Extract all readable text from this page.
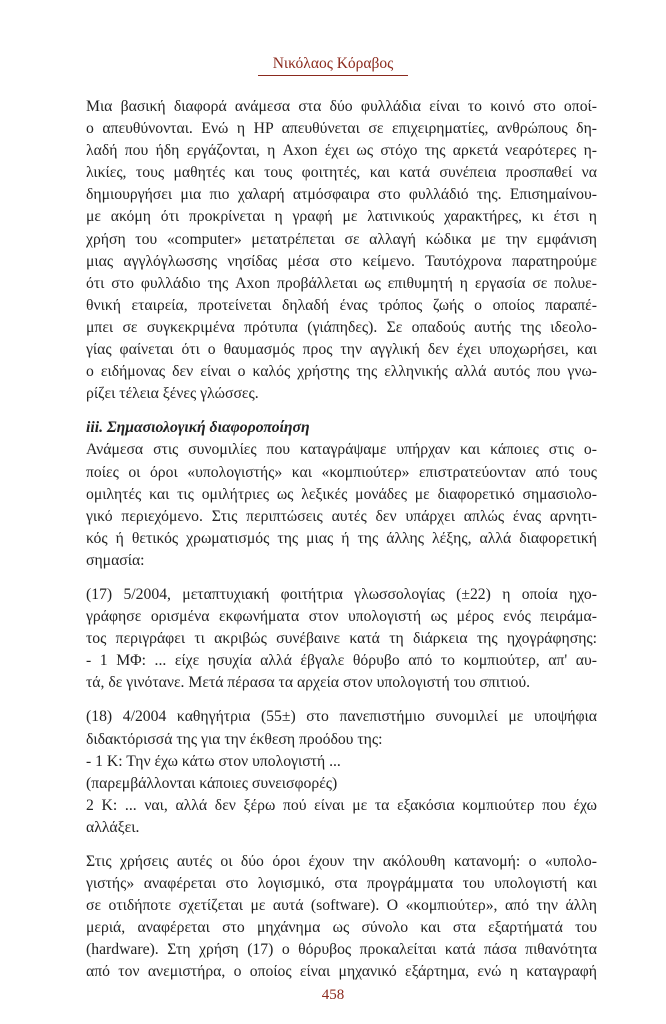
Νικόλαος Κόραβος
Μια βασική διαφορά ανάμεσα στα δύο φυλλάδια είναι το κοινό στο οποί-
ο απευθύνονται. Ενώ η HP απευθύνεται σε επιχειρηματίες, ανθρώπους δη-
λαδή που ήδη εργάζονται, η Axon έχει ως στόχο της αρκετά νεαρότερες η-
λικίες, τους μαθητές και τους φοιτητές, και κατά συνέπεια προσπαθεί να
δημιουργήσει μια πιο χαλαρή ατμόσφαιρα στο φυλλάδιό της. Επισημαίνου-
με ακόμη ότι προκρίνεται η γραφή με λατινικούς χαρακτήρες, κι έτσι η
χρήση του «computer» μετατρέπεται σε αλλαγή κώδικα με την εμφάνιση
μιας αγγλόγλωσσης νησίδας μέσα στο κείμενο. Ταυτόχρονα παρατηρούμε
ότι στο φυλλάδιο της Axon προβάλλεται ως επιθυμητή η εργασία σε πολυε-
θνική εταιρεία, προτείνεται δηλαδή ένας τρόπος ζωής ο οποίος παραπέ-
μπει σε συγκεκριμένα πρότυπα (γιάπηδες). Σε οπαδούς αυτής της ιδεολο-
γίας φαίνεται ότι ο θαυμασμός προς την αγγλική δεν έχει υποχωρήσει, και
ο ειδήμονας δεν είναι ο καλός χρήστης της ελληνικής αλλά αυτός που γνω-
ρίζει τέλεια ξένες γλώσσες.
iii. Σημασιολογική διαφοροποίηση
Ανάμεσα στις συνομιλίες που καταγράψαμε υπήρχαν και κάποιες στις ο-
ποίες οι όροι «υπολογιστής» και «κομπιούτερ» επιστρατεύονταν από τους
ομιλητές και τις ομιλήτριες ως λεξικές μονάδες με διαφορετικό σημασιολο-
γικό περιεχόμενο. Στις περιπτώσεις αυτές δεν υπάρχει απλώς ένας αρνητι-
κός ή θετικός χρωματισμός της μιας ή της άλλης λέξης, αλλά διαφορετική
σημασία:
(17) 5/2004, μεταπτυχιακή φοιτήτρια γλωσσολογίας (±22) η οποία ηχο-
γράφησε ορισμένα εκφωνήματα στον υπολογιστή ως μέρος ενός πειράμα-
τος περιγράφει τι ακριβώς συνέβαινε κατά τη διάρκεια της ηχογράφησης:
- 1 ΜΦ: ... είχε ησυχία αλλά έβγαλε θόρυβο από το κομπιούτερ, απ' αυ-
τά, δε γινότανε. Μετά πέρασα τα αρχεία στον υπολογιστή του σπιτιού.
(18) 4/2004 καθηγήτρια (55±) στο πανεπιστήμιο συνομιλεί με υποψήφια
διδακτόρισσά της για την έκθεση προόδου της:
- 1 Κ: Την έχω κάτω στον υπολογιστή ...
(παρεμβάλλονται κάποιες συνεισφορές)
2 Κ: ... ναι, αλλά δεν ξέρω πού είναι με τα εξακόσια κομπιούτερ που έχω
αλλάξει.
Στις χρήσεις αυτές οι δύο όροι έχουν την ακόλουθη κατανομή: ο «υπολο-
γιστής» αναφέρεται στο λογισμικό, στα προγράμματα του υπολογιστή και
σε οτιδήποτε σχετίζεται με αυτά (software). Ο «κομπιούτερ», από την άλλη
μεριά, αναφέρεται στο μηχάνημα ως σύνολο και στα εξαρτήματά του
(hardware). Στη χρήση (17) ο θόρυβος προκαλείται κατά πάσα πιθανότητα
από τον ανεμιστήρα, ο οποίος είναι μηχανικό εξάρτημα, ενώ η καταγραφή
458
